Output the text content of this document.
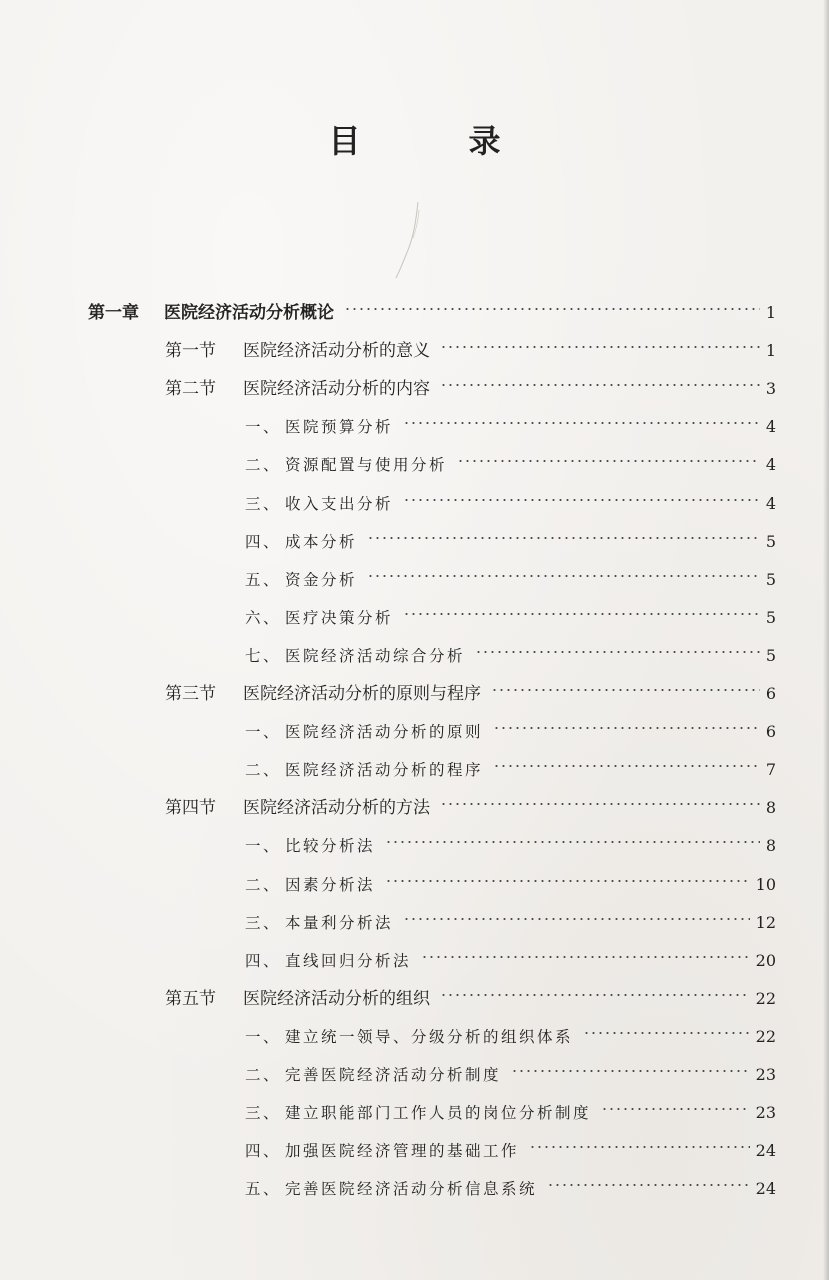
目　录
第一章 医院经济活动分析概论	1
第一节 医院经济活动分析的意义	1
第二节 医院经济活动分析的内容	3
一、 医院预算分析	4
二、 资源配置与使用分析	4
三、 收入支出分析	4
四、 成本分析	5
五、 资金分析	5
六、 医疗决策分析	5
七、 医院经济活动综合分析	5
第三节 医院经济活动分析的原则与程序	6
一、 医院经济活动分析的原则	6
二、 医院经济活动分析的程序	7
第四节 医院经济活动分析的方法	8
一、 比较分析法	8
二、 因素分析法	10
三、 本量利分析法	12
四、 直线回归分析法	20
第五节 医院经济活动分析的组织	22
一、 建立统一领导、分级分析的组织体系	22
二、 完善医院经济活动分析制度	23
三、 建立职能部门工作人员的岗位分析制度	23
四、 加强医院经济管理的基础工作	24
五、 完善医院经济活动分析信息系统	24
